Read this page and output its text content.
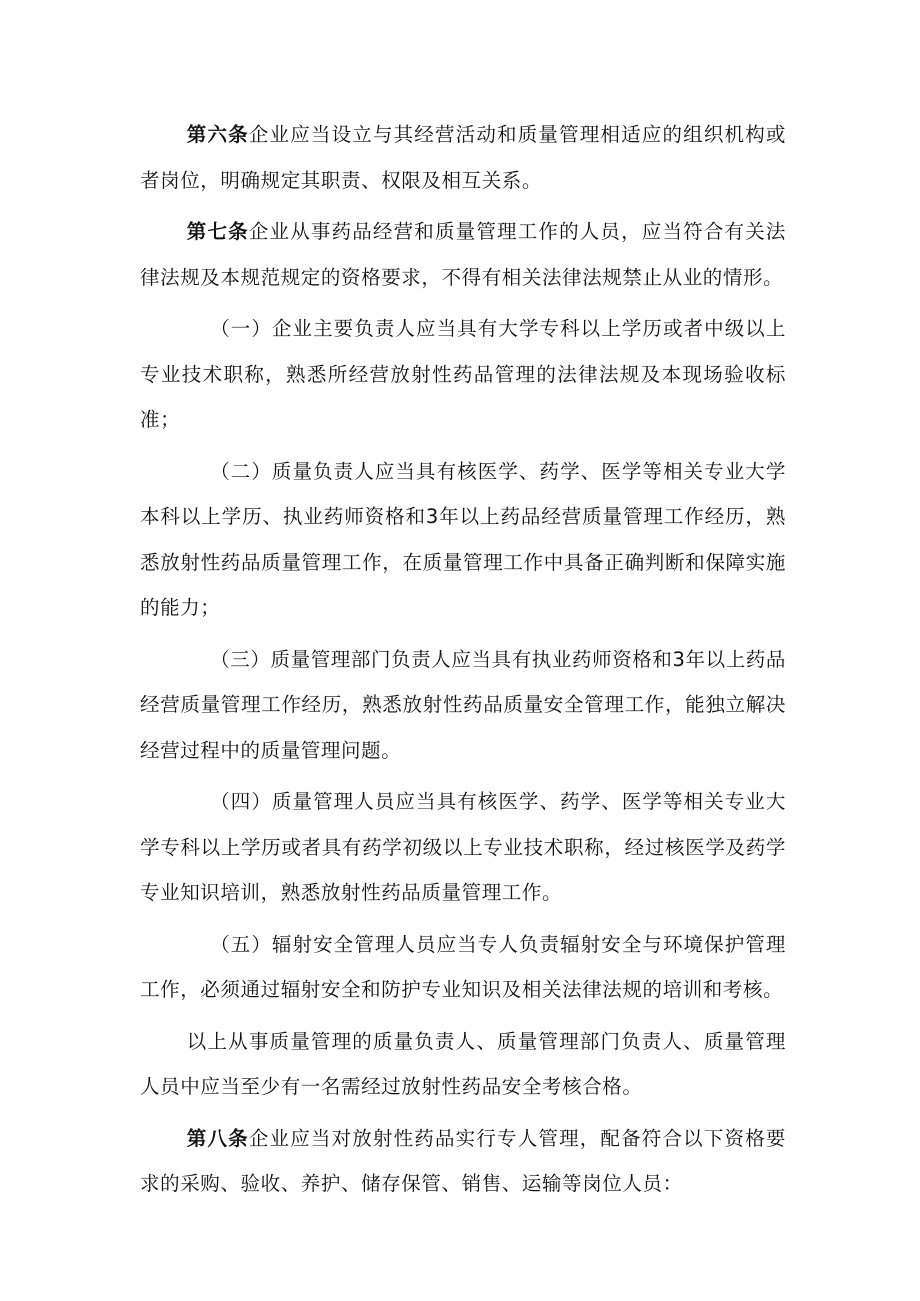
第六条企业应当设立与其经营活动和质量管理相适应的组织机构或者岗位，明确规定其职责、权限及相互关系。

第七条企业从事药品经营和质量管理工作的人员，应当符合有关法律法规及本规范规定的资格要求，不得有相关法律法规禁止从业的情形。

（一）企业主要负责人应当具有大学专科以上学历或者中级以上专业技术职称，熟悉所经营放射性药品管理的法律法规及本现场验收标准；

（二）质量负责人应当具有核医学、药学、医学等相关专业大学本科以上学历、执业药师资格和3年以上药品经营质量管理工作经历，熟悉放射性药品质量管理工作，在质量管理工作中具备正确判断和保障实施的能力；

（三）质量管理部门负责人应当具有执业药师资格和3年以上药品经营质量管理工作经历，熟悉放射性药品质量安全管理工作，能独立解决经营过程中的质量管理问题。

（四）质量管理人员应当具有核医学、药学、医学等相关专业大学专科以上学历或者具有药学初级以上专业技术职称，经过核医学及药学专业知识培训，熟悉放射性药品质量管理工作。

（五）辐射安全管理人员应当专人负责辐射安全与环境保护管理工作，必须通过辐射安全和防护专业知识及相关法律法规的培训和考核。

以上从事质量管理的质量负责人、质量管理部门负责人、质量管理人员中应当至少有一名需经过放射性药品安全考核合格。

第八条企业应当对放射性药品实行专人管理，配备符合以下资格要求的采购、验收、养护、储存保管、销售、运输等岗位人员：
